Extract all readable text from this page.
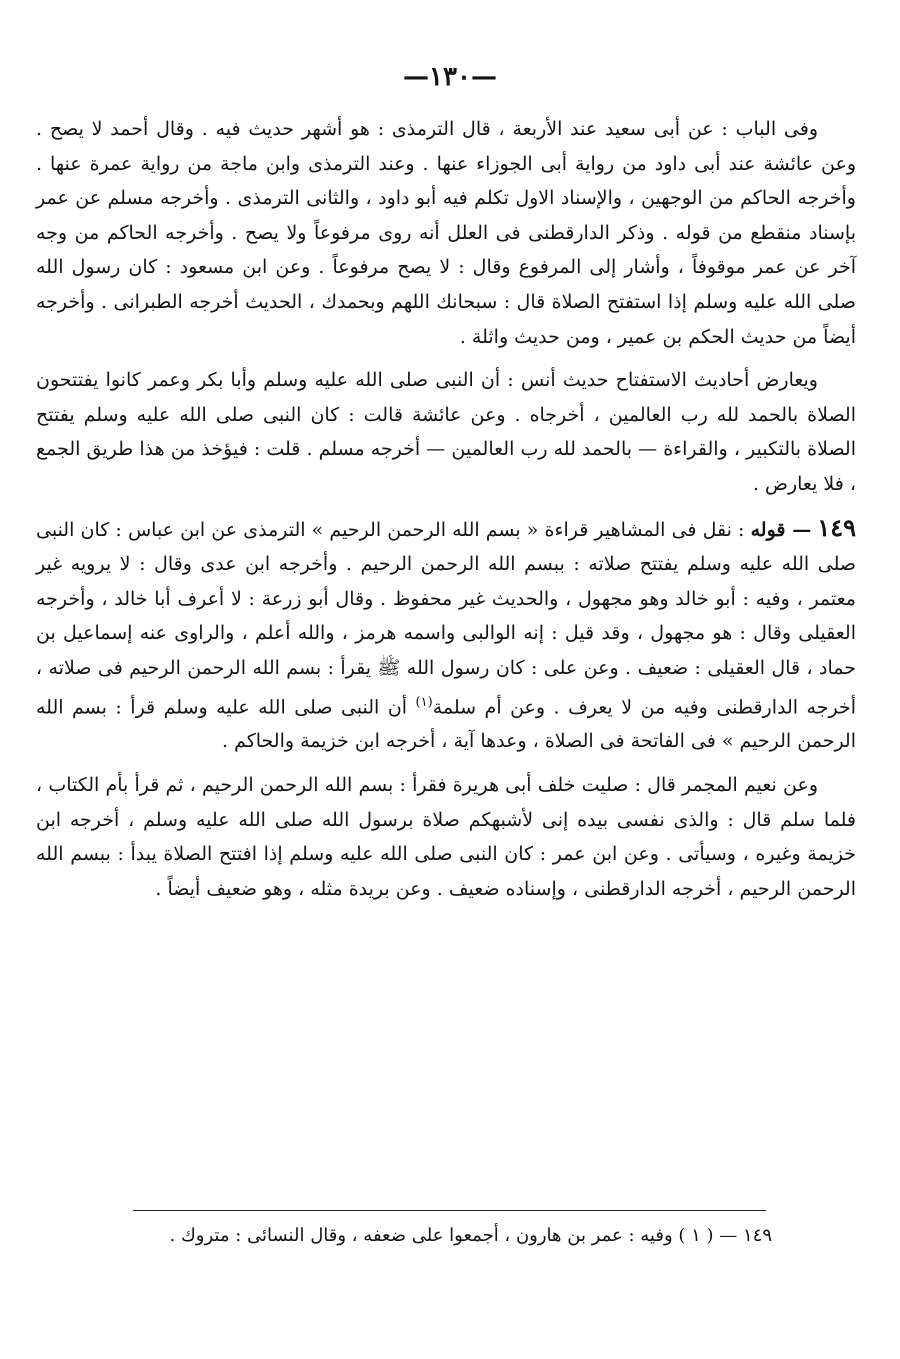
—١٣٠—

وفى الباب : عن أبى سعيد عند الأربعة ، قال الترمذى : هو أشهر حديث فيه . وقال أحمد لا يصح . وعن عائشة عند أبى داود من رواية أبى الجوزاء عنها . وعند الترمذى وابن ماجة من رواية عمرة عنها . وأخرجه الحاكم من الوجهين ، والإسناد الاول تكلم فيه أبو داود ، والثانى الترمذى . وأخرجه مسلم عن عمر بإسناد منقطع من قوله . وذكر الدارقطنى فى العلل أنه روى مرفوعاً ولا يصح . وأخرجه الحاكم من وجه آخر عن عمر موقوفاً ، وأشار إلى المرفوع وقال : لا يصح مرفوعاً . وعن ابن مسعود : كان رسول الله صلى الله عليه وسلم إذا استفتح الصلاة قال : سبحانك اللهم وبحمدك ، الحديث أخرجه الطبرانى . وأخرجه أيضاً من حديث الحكم بن عمير ، ومن حديث واثلة .

ويعارض أحاديث الاستفتاح حديث أنس : أن النبى صلى الله عليه وسلم وأبا بكر وعمر كانوا يفتتحون الصلاة بالحمد لله رب العالمين ، أخرجاه . وعن عائشة قالت : كان النبى صلى الله عليه وسلم يفتتح الصلاة بالتكبير ، والقراءة — بالحمد لله رب العالمين — أخرجه مسلم . قلت : فيؤخذ من هذا طريق الجمع ، فلا يعارض .

١٤٩ — قوله : نقل فى المشاهير قراءة « بسم الله الرحمن الرحيم » الترمذى عن ابن عباس : كان النبى صلى الله عليه وسلم يفتتح صلاته : ببسم الله الرحمن الرحيم . وأخرجه ابن عدى وقال : لا يرويه غير معتمر ، وفيه : أبو خالد وهو مجهول ، والحديث غير محفوظ . وقال أبو زرعة : لا أعرف أبا خالد ، وأخرجه العقيلى وقال : هو مجهول ، وقد قيل : إنه الوالبى واسمه هرمز ، والله أعلم ، والراوى عنه إسماعيل بن حماد ، قال العقيلى : ضعيف . وعن على : كان رسول الله ﷺ يقرأ : بسم الله الرحمن الرحيم فى صلاته ، أخرجه الدارقطنى وفيه من لا يعرف . وعن أم سلمة$^{(١)}$ أن النبى صلى الله عليه وسلم قرأ : بسم الله الرحمن الرحيم » فى الفاتحة فى الصلاة ، وعدها آية ، أخرجه ابن خزيمة والحاكم .

وعن نعيم المجمر قال : صليت خلف أبى هريرة فقرأ : بسم الله الرحمن الرحيم ، ثم قرأ بأم الكتاب ، فلما سلم قال : والذى نفسى بيده إنى لأشبهكم صلاة برسول الله صلى الله عليه وسلم ، أخرجه ابن خزيمة وغيره ، وسيأتى . وعن ابن عمر : كان النبى صلى الله عليه وسلم إذا افتتح الصلاة يبدأ : ببسم الله الرحمن الرحيم ، أخرجه الدارقطنى ، وإسناده ضعيف . وعن بريدة مثله ، وهو ضعيف أيضاً .

١٤٩ — ( ١ ) وفيه : عمر بن هارون ، أجمعوا على ضعفه ، وقال النسائى : متروك .
